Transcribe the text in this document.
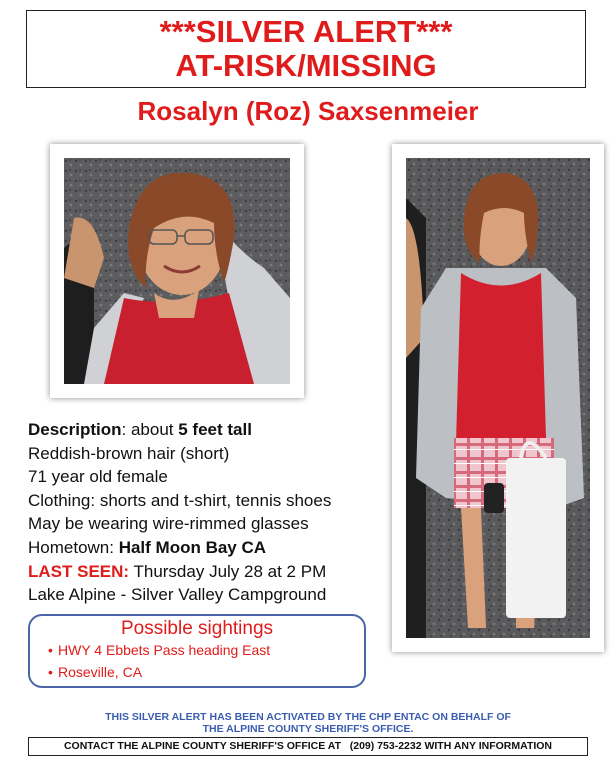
***SILVER ALERT***
AT-RISK/MISSING
Rosalyn (Roz) Saxsenmeier
Description: about 5 feet tall
Reddish-brown hair (short)
71 year old female
Clothing: shorts and t-shirt, tennis shoes
May be wearing wire-rimmed glasses
Hometown: Half Moon Bay CA
LAST SEEN: Thursday July 28 at 2 PM
Lake Alpine - Silver Valley Campground
Possible sightings
• HWY 4 Ebbets Pass heading East
• Roseville, CA
THIS SILVER ALERT HAS BEEN ACTIVATED BY THE CHP ENTAC ON BEHALF OF
THE ALPINE COUNTY SHERIFF'S OFFICE.
CONTACT THE ALPINE COUNTY SHERIFF'S OFFICE AT   (209) 753-2232 WITH ANY INFORMATION
